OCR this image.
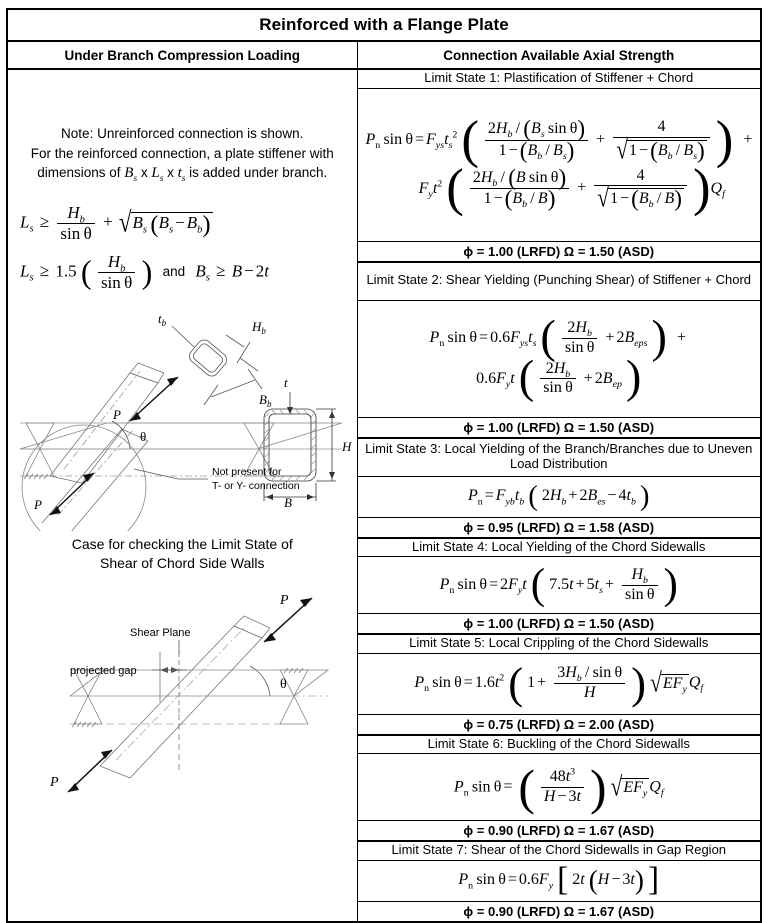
Reinforced with a Flange Plate
Under Branch Compression Loading	Connection Available Axial Strength

Note: Unreinforced connection is shown.
For the reinforced connection, a plate stiffener with
dimensions of $B_s$ x $L_s$ x $t_s$ is added under branch.
$L_s \ge \frac{H_b}{\text{sin θ}} + √B_s$  $(B_s - B_b)$
$L_s \ge 1.5$ ( $\frac{H_b}{\text{sin θ}}$ ) and $B_s \ge B - 2t$
$t_b$	$H_b$
$B_b$
P
P
θ
t
H
B
Not present for
T- or Y- connection
Case for checking the Limit State of
Shear of Chord Side Walls
Shear Plane
projected gap
P
P
θ

Limit State 1: Plastification of Stiffener + Chord

$P_n$  $\sin \theta = F_{ys}t_s^2$ ( $\frac{2H_b / (B_s \sin \theta)}{1 -(B_b / B_s)} + \frac{4}{√1 -(B_b / B_s)}$ )  +
$F_yt^2$ ( $\frac{2H_b / (B \sin \theta)}{1 -(B_b / B)} + \frac{4}{√1 -(B_b / B)} )Q_f$

ϕ = 1.00 (LRFD) Ω = 1.50 (ASD)
Limit State 2: Shear Yielding (Punching Shear) of Stiffener + Chord

$P_n$  $\sin \theta = 0.6F_{ys}t_s$ ( $\frac{2H_b}{\text{sin θ}} + 2B_{eps}$ )  +
$0.6F_yt$ ( $\frac{2H_b}{\text{sin θ}} + 2B_{ep}$ )

ϕ = 1.00 (LRFD) Ω = 1.50 (ASD)
Limit State 3: Local Yielding of the Branch/Branches due to Uneven Load Distribution
$P_n = F_{yb}t_b$ ( $2H_b + 2B_{es} - 4t_b$ )
ϕ = 0.95 (LRFD) Ω = 1.58 (ASD)
Limit State 4: Local Yielding of the Chord Sidewalls
$P_n$  $\sin \theta = 2F_yt$ ( $7.5t + 5t_s + \frac{H_b}{\text{sin θ}}$ )
ϕ = 1.00 (LRFD) Ω = 1.50 (ASD)
Limit State 5: Local Crippling of the Chord Sidewalls
$P_n$  $\sin \theta = 1.6t^2$ ( $1 + \frac{3H_b / \sin \theta}{H}$ ) $√EF_y$ $Q_f$
ϕ = 0.75 (LRFD) Ω = 2.00 (ASD)
Limit State 6: Buckling of the Chord Sidewalls
$P_n$  sin θ = ( $\frac{48t^3}{H - 3t}$ ) $√EF_y$ $Q_f$
ϕ = 0.90 (LRFD) Ω = 1.67 (ASD)
Limit State 7: Shear of the Chord Sidewalls in Gap Region
$P_n$  $\sin \theta = 0.6F_y$ [ 2t (H − 3t) ]
ϕ = 0.90 (LRFD) Ω = 1.67 (ASD)
